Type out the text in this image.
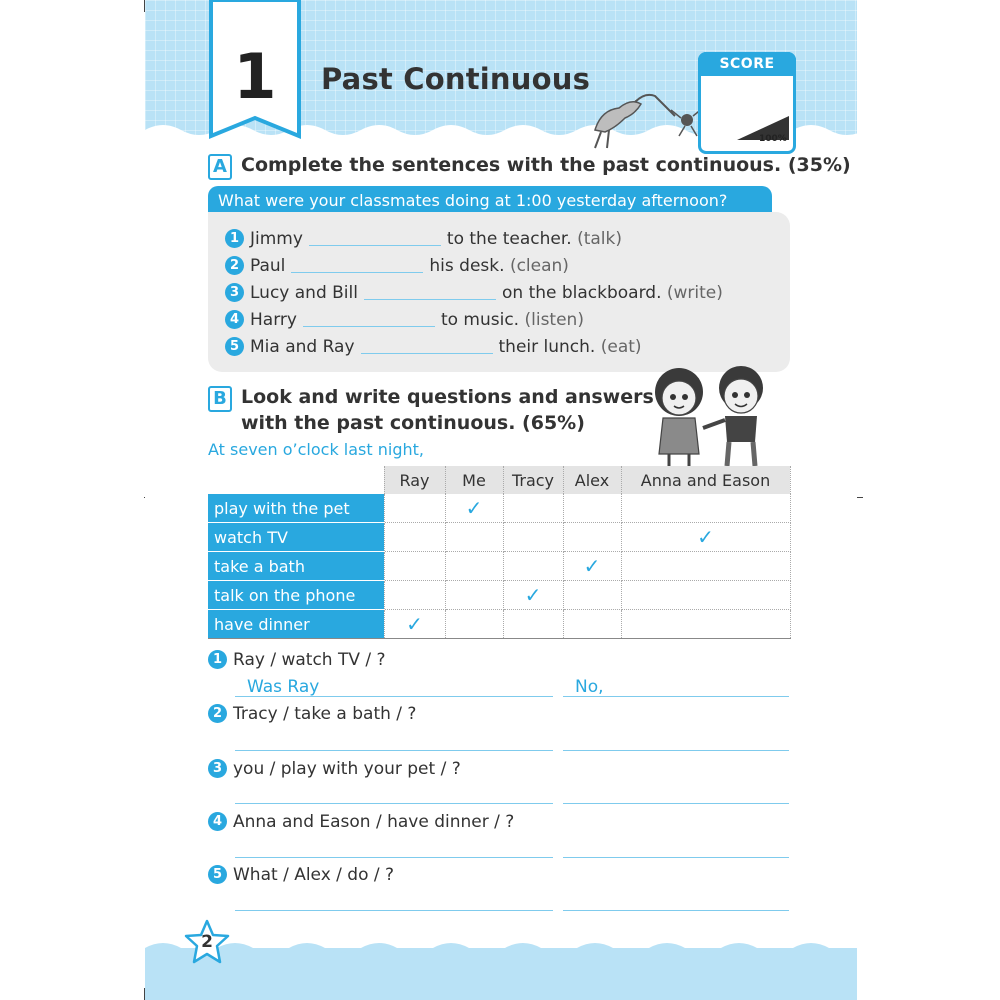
1	Past Continuous	SCORE
100%
A Complete the sentences with the past continuous. (35%)
What were your classmates doing at 1:00 yesterday afternoon?
1 Jimmy	to the teacher. (talk)
2 Paul	his desk. (clean)
3 Lucy and Bill	on the blackboard. (write)
4 Harry	to music. (listen)
5 Mia and Ray	their lunch. (eat)
B Look and write questions and answers
with the past continuous. (65%)
At seven o’clock last night,
	Ray	Me	Tracy	Alex	Anna and Eason
play with the pet		✓			
watch TV					✓
take a bath				✓	
talk on the phone			✓		
have dinner	✓				
1 Ray / watch TV / ?
Was Ray	No,
2 Tracy / take a bath / ?
3 you / play with your pet / ?
4 Anna and Eason / have dinner / ?
5 What / Alex / do / ?
2
